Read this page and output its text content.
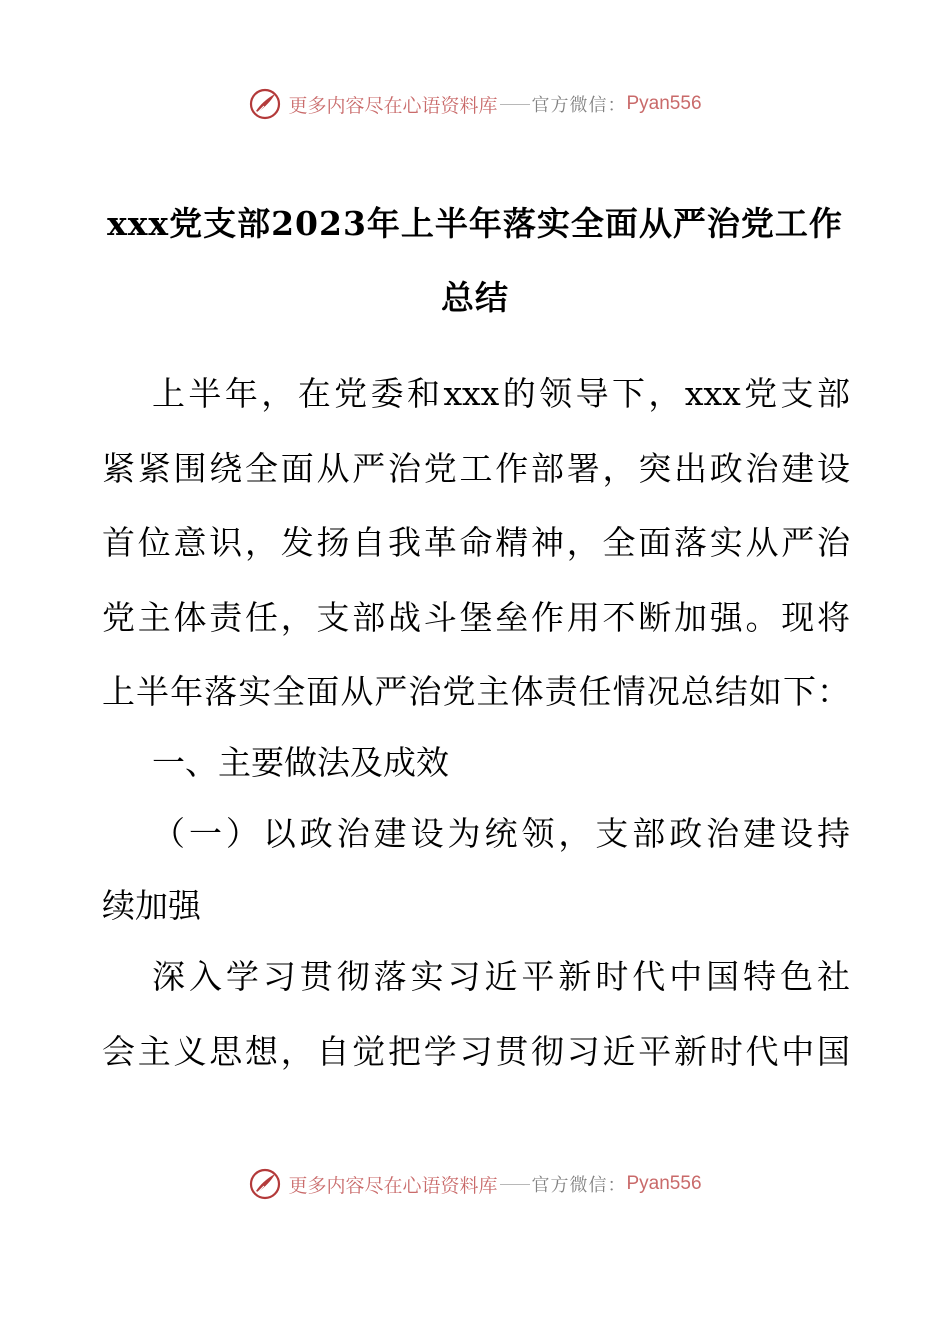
更多内容尽在心语资料库 官方微信： Pyan556
xxx党支部2023年上半年落实全面从严治党工作
总结

上半年，在党委和xxx的领导下，xxx党支部

紧紧围绕全面从严治党工作部署，突出政治建设

首位意识，发扬自我革命精神，全面落实从严治

党主体责任，支部战斗堡垒作用不断加强。现将

上半年落实全面从严治党主体责任情况总结如下：

一、主要做法及成效

（一）以政治建设为统领，支部政治建设持

续加强

深入学习贯彻落实习近平新时代中国特色社

会主义思想，自觉把学习贯彻习近平新时代中国

更多内容尽在心语资料库 官方微信： Pyan556
